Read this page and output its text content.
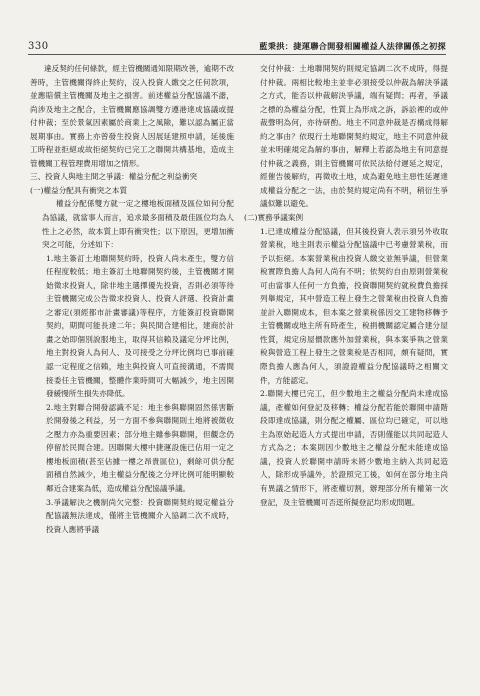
330	藍秉拱：捷運聯合開發相關權益人法律關係之初探

違反契約任何條款，經主管機關通知限期改善，逾期不改善時，主管機關得終止契約，沒入投資人繳交之任何款項，並應賠償主管機關及地主之損害。前述權益分配協議不諧，尚涉及地主之配合，主管機關應協調雙方遵港達成協議或提付仲裁；至於景氣因素屬於商業上之風險，難以認為屬正當展期事由。實務上亦曾發生投資人因展延建照申請，延後施工時程並拒絕或故拒絕契約已完工之聯開共構基地，造成主管機關工程管理費用增加之情形。

三、投資人與地主間之爭議：權益分配之利益衝突

(一)權益分配具有衝突之本質

權益分配係雙方就一定之樓地板面積及區位如何分配為協議，就當事人而言，追求最多面積及最佳區位均為人性上之必然，故本質上即有衝突性；以下原因，更增加衝突之可能，分述如下：

1.地主簽訂土地聯開契約時，投資人尚未產生，雙方信任程度較低；地主簽訂土地聯開契約後，主管機關才開始徵求投資人，除非地主選擇優先投資，否則必須等待主管機關完成公告徵求投資人、投資人評選、投資計畫之審定(須經都市計畫審議)等程序，方能簽訂投資聯開契約，期間可能長達二年；與民間合建相比，建商於計畫之始即個別說服地主，取得其信賴及議定分坪比例，地主對投資人為何人、及可接受之分坪比例均已事前確認一定程度之信賴，地主與投資人可直接溝通，不需間接委任主管機關，整體作業時間可大幅減少，地主因開發緩慢所生損失亦降低。

2.地主對聯合開發認識不足：地主參與聯開固然係害斷於開發後之利益，另一方面不參與聯開則土地將被徵收之壓力亦為重要因素；部分地主雖參與聯開，但觀念仍停留於民間合建。因聯開大樓中捷運設施已佔用一定之樓地板面積(甚至佔據一樓之昂貴區位)，剩餘可供分配面積自然減少，地主權益分配後之分坪比例可能明顯較鄰近合建案為低，造成權益分配協議爭議。

3.爭議解決之機制尚欠完整：投資聯開契約規定權益分配協議無法達成，僅將主管機關介入協調二次不成時，投資人應將爭議

交付仲裁：土地聯開契約則規定協調二次不成時，得提付仲裁。兩相比較地主並非必須接受以仲裁為解決爭議之方式，能否以仲裁解決爭議，端有疑問；再者，爭議之標的為權益分配，性質上為形成之訴，訴訟裡的或仲裁聲明為何，亦待研酌。地主不同意仲裁是否構成得解約之事由？依現行土地聯開契約規定，地主不同意仲裁並未明確規定為解約事由，解釋上若認為地主有同意提付仲裁之義務，則主管機關可依民法給付遲延之規定，經催告後解約，再徵收土地，成為避免地主惡性延遲達成權益分配之一法，由於契約規定尚有不明，稍衍生爭議似難以避免。

(二)實務爭議案例

1.已達成權益分配協議，但其後投資人表示須另外收取營業稅，地主則表示權益分配協議中已考慮營業稅，而予以拒絕。本案營業稅由投資人繳交並無爭議，但營業稅實際負擔人為何人尚有不明；依契約自由原則營業稅可由當事人任何一方負擔，投資聯開契約就稅費負擔採列舉規定，其中營造工程上發生之營業稅由投資人負擔並計入聯開成本，但本案之營業稅係因交工建物移轉予主管機關或地主所有時產生，稅捐機關認定屬合建分屋性質，規定房屋價款應外加營業稅，與本案爭執之營業稅與營造工程上發生之營業稅是否相同，頗有疑問，實際負擔人應為何人，須證證權益分配協議時之相關文件，方能認定。

2.聯開大樓已完工，但少數地主之權益分配尚未達成協議，產權如何登記及移轉；權益分配若能於聯開申請階段即達成協議，則分配之權屬、區位均已確定，可以地主為原始起造人方式提出申請，否則僅能以共同起造人方式為之；本案則因少數地主之權益分配未能達成協議，投資人於聯開申請時未將少數地主納入共同起造人，除形成爭議外，於證照完工後，如何在部分地主尚有異議之情形下，將產權切割，辦理部分所有權第一次登記，及主管機關可否逕所擬登記均形成問題。
